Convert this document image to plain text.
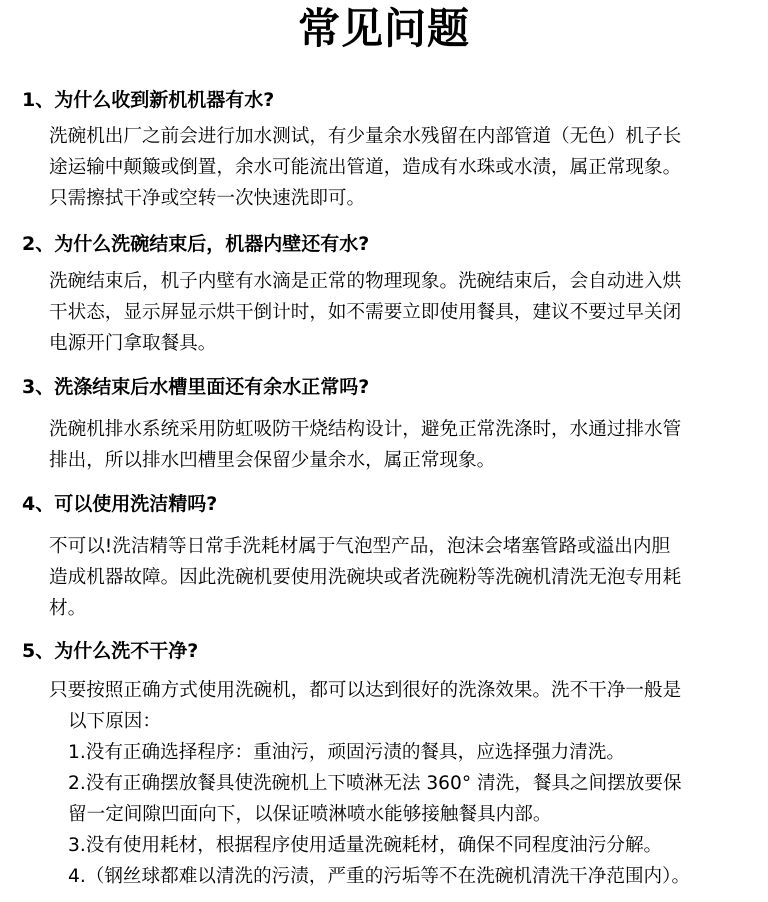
常见问题
1、为什么收到新机机器有水?
洗碗机出厂之前会进行加水测试，有少量余水残留在内部管道（无色）机子长
途运输中颠簸或倒置，余水可能流出管道，造成有水珠或水渍，属正常现象。
只需擦拭干净或空转一次快速洗即可。
2、为什么洗碗结束后，机器内壁还有水?
洗碗结束后，机子内壁有水滴是正常的物理现象。洗碗结束后，会自动进入烘
干状态，显示屏显示烘干倒计时，如不需要立即使用餐具，建议不要过早关闭
电源开门拿取餐具。
3、洗涤结束后水槽里面还有余水正常吗?
洗碗机排水系统采用防虹吸防干烧结构设计，避免正常洗涤时，水通过排水管
排出，所以排水凹槽里会保留少量余水，属正常现象。
4、可以使用洗洁精吗?
不可以!洗洁精等日常手洗耗材属于气泡型产品，泡沫会堵塞管路或溢出内胆
造成机器故障。因此洗碗机要使用洗碗块或者洗碗粉等洗碗机清洗无泡专用耗
材。
5、为什么洗不干净?
只要按照正确方式使用洗碗机，都可以达到很好的洗涤效果。洗不干净一般是
以下原因：
1.没有正确选择程序：重油污，顽固污渍的餐具，应选择强力清洗。
2.没有正确摆放餐具使洗碗机上下喷淋无法 360° 清洗，餐具之间摆放要保
留一定间隙凹面向下，以保证喷淋喷水能够接触餐具内部。
3.没有使用耗材，根据程序使用适量洗碗耗材，确保不同程度油污分解。
4.（钢丝球都难以清洗的污渍，严重的污垢等不在洗碗机清洗干净范围内）。
